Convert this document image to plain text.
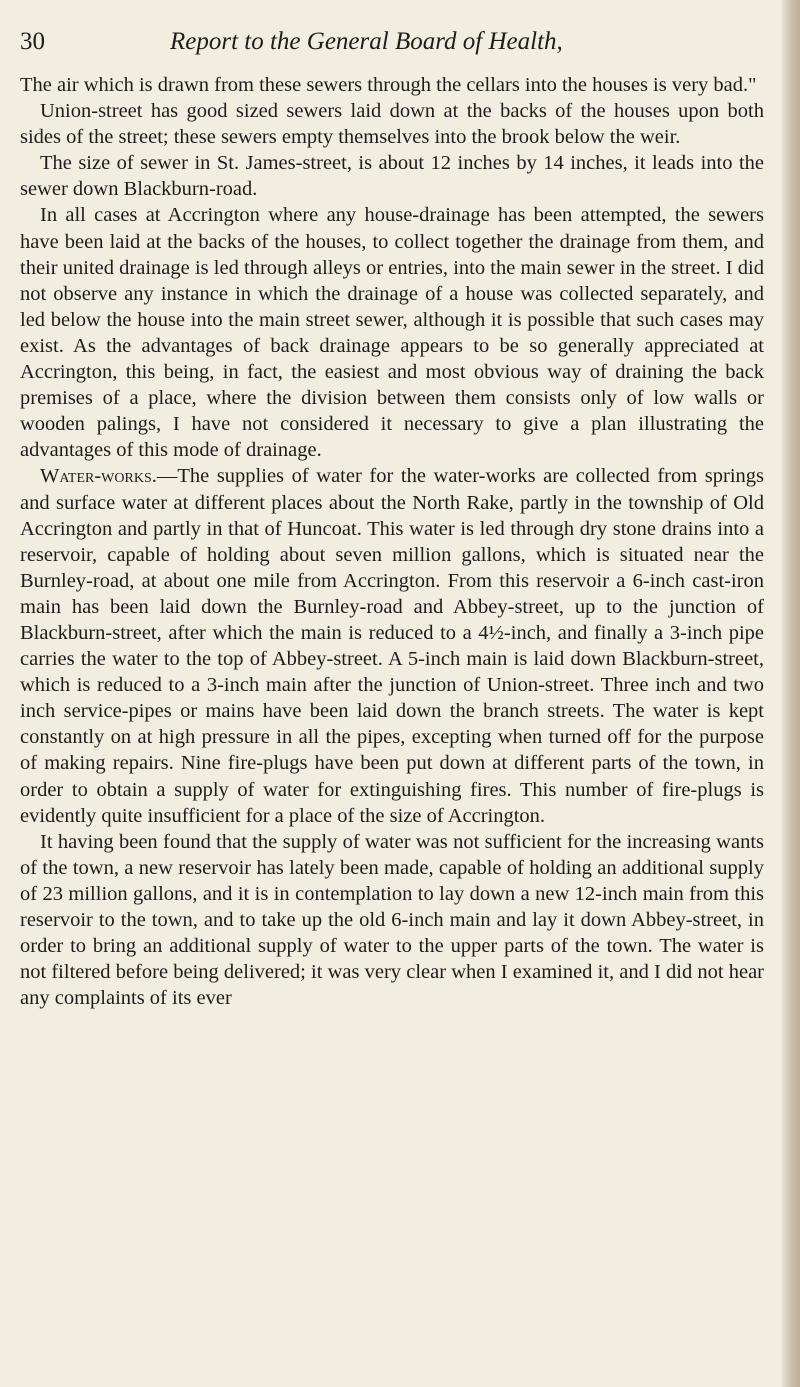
30	Report to the General Board of Health,

The air which is drawn from these sewers through the cellars into the houses is very bad."

Union-street has good sized sewers laid down at the backs of the houses upon both sides of the street; these sewers empty themselves into the brook below the weir.

The size of sewer in St. James-street, is about 12 inches by 14 inches, it leads into the sewer down Blackburn-road.

In all cases at Accrington where any house-drainage has been attempted, the sewers have been laid at the backs of the houses, to collect together the drainage from them, and their united drainage is led through alleys or entries, into the main sewer in the street. I did not observe any instance in which the drainage of a house was collected separately, and led below the house into the main street sewer, although it is possible that such cases may exist. As the advantages of back drainage appears to be so generally appreciated at Accrington, this being, in fact, the easiest and most obvious way of draining the back premises of a place, where the division between them consists only of low walls or wooden palings, I have not considered it necessary to give a plan illustrating the advantages of this mode of drainage.

Water-works.—The supplies of water for the water-works are collected from springs and surface water at different places about the North Rake, partly in the township of Old Accrington and partly in that of Huncoat. This water is led through dry stone drains into a reservoir, capable of holding about seven million gallons, which is situated near the Burnley-road, at about one mile from Accrington. From this reservoir a 6-inch cast-iron main has been laid down the Burnley-road and Abbey-street, up to the junction of Blackburn-street, after which the main is reduced to a 4½-inch, and finally a 3-inch pipe carries the water to the top of Abbey-street. A 5-inch main is laid down Blackburn-street, which is reduced to a 3-inch main after the junction of Union-street. Three inch and two inch service-pipes or mains have been laid down the branch streets. The water is kept constantly on at high pressure in all the pipes, excepting when turned off for the purpose of making repairs. Nine fire-plugs have been put down at different parts of the town, in order to obtain a supply of water for extinguishing fires. This number of fire-plugs is evidently quite insufficient for a place of the size of Accrington.

It having been found that the supply of water was not sufficient for the increasing wants of the town, a new reservoir has lately been made, capable of holding an additional supply of 23 million gallons, and it is in contemplation to lay down a new 12-inch main from this reservoir to the town, and to take up the old 6-inch main and lay it down Abbey-street, in order to bring an additional supply of water to the upper parts of the town. The water is not filtered before being delivered; it was very clear when I examined it, and I did not hear any complaints of its ever
